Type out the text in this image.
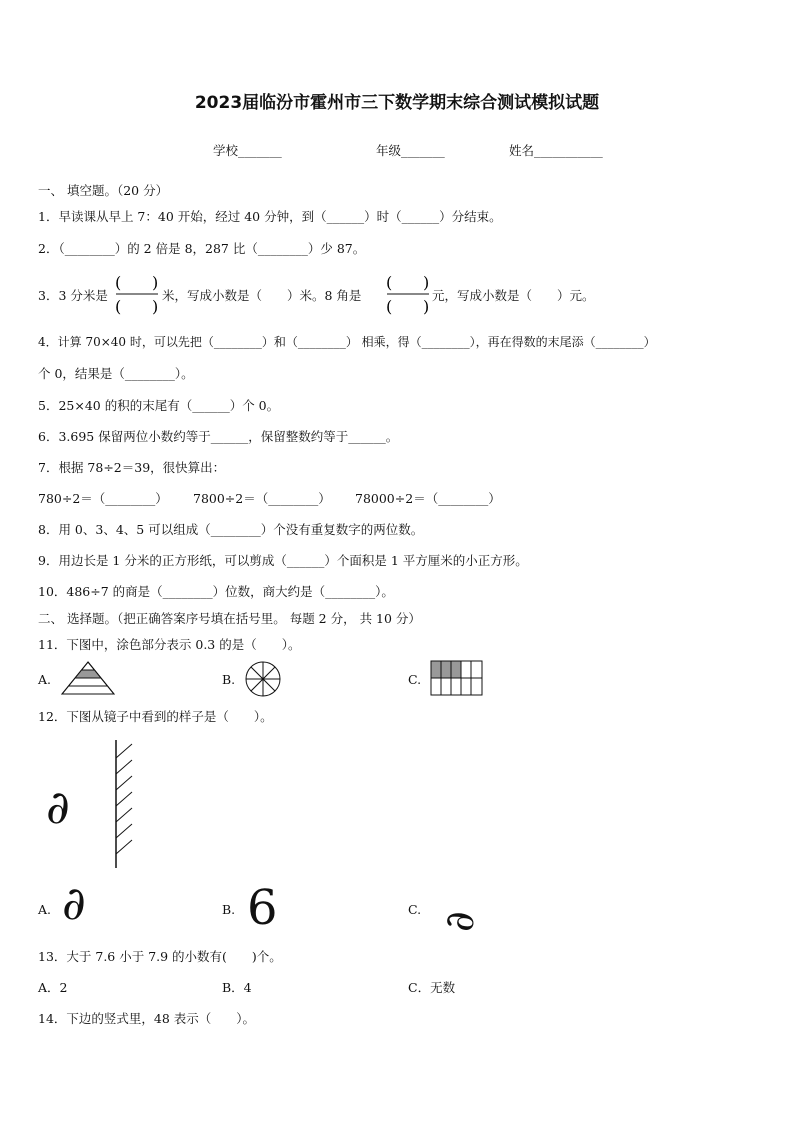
2023届临汾市霍州市三下数学期末综合测试模拟试题
学校_______	年级_______	姓名___________
一、 填空题。（20 分）
1．早读课从早上 7：40 开始，经过 40 分钟，到（______）时（______）分结束。
2．（________）的 2 倍是 8，287 比（________）少 87。
3．3 分米是
( )
( )
米，写成小数是（　　）米。8 角是
( )
( )
元，写成小数是（　　）元。
4．计算 70×40 时，可以先把（________）和（________） 相乘，得（________），再在得数的末尾添（________）
个 0，结果是（________）。
5．25×40 的积的末尾有（______）个 0。
6．3.695 保留两位小数约等于______，保留整数约等于______。
7．根据 78÷2＝39，很快算出：
780÷2＝（________） 7800÷2＝（________） 78000÷2＝（________）
8．用 0、3、4、5 可以组成（________）个没有重复数字的两位数。
9．用边长是 1 分米的正方形纸，可以剪成（______）个面积是 1 平方厘米的小正方形。
10．486÷7 的商是（________）位数，商大约是（________）。
二、 选择题。（把正确答案序号填在括号里。 每题 2 分， 共 10 分）
11．下图中，涂色部分表示 0.3 的是（　　）。
A.	B.	C.
12．下图从镜子中看到的样子是（　　）。
∂
A. ∂	B. 6	C.
∂
13．大于 7.6 小于 7.9 的小数有(　　)个。
A．2	B．4	C．无数
14．下边的竖式里，48 表示（　　）。
